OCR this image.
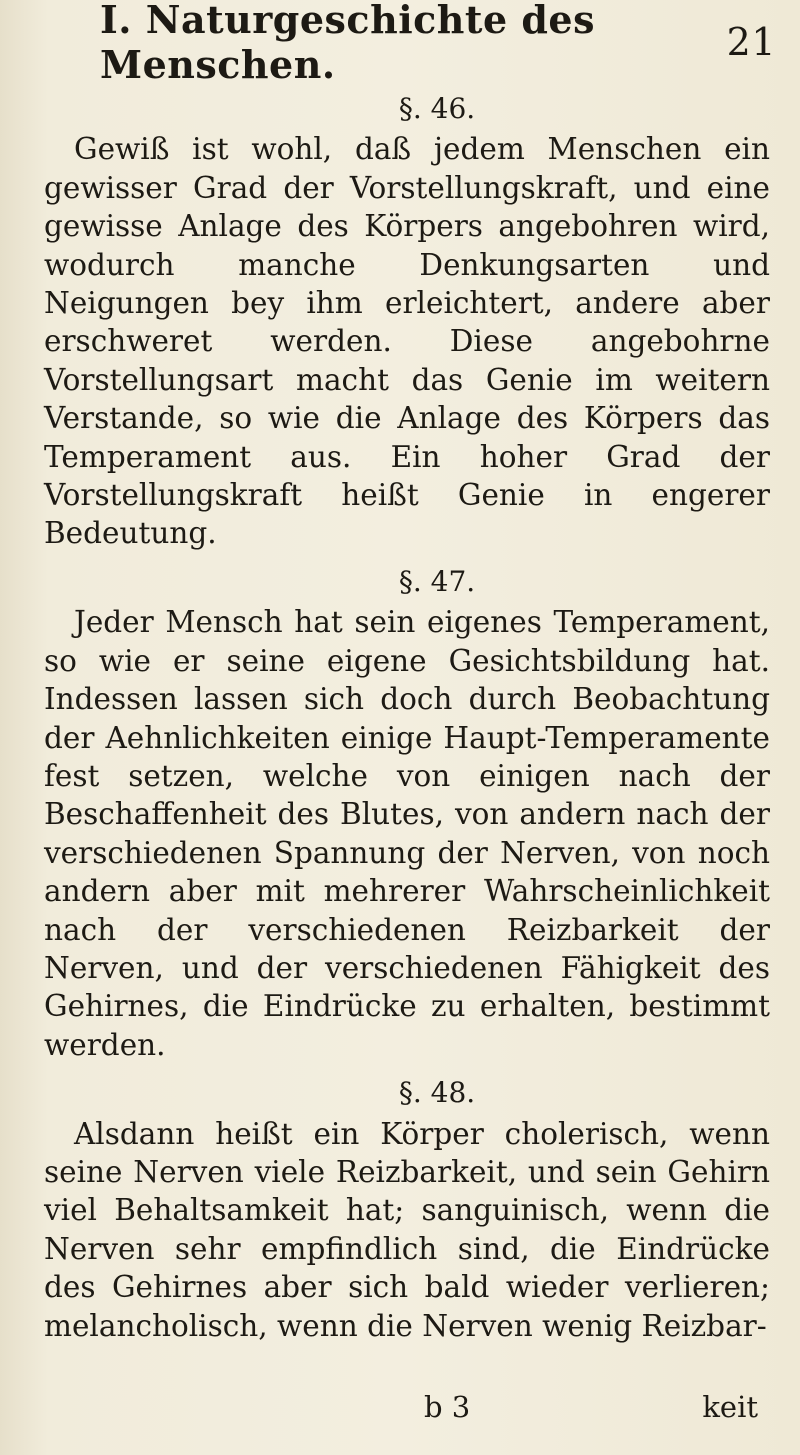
I. Naturgeschichte des Menschen.	21
§. 46.

Gewiß ist wohl, daß jedem Menschen ein gewisser Grad der Vorstellungskraft, und eine gewisse Anlage des Körpers angebohren wird, wodurch manche Denkungsarten und Neigungen bey ihm erleichtert, andere aber erschweret werden. Diese angebohrne Vorstellungsart macht das Genie im weitern Verstande, so wie die Anlage des Körpers das Temperament aus. Ein hoher Grad der Vorstellungskraft heißt Genie in engerer Bedeutung.

§. 47.

Jeder Mensch hat sein eigenes Temperament, so wie er seine eigene Gesichtsbildung hat. Indessen lassen sich doch durch Beobachtung der Aehnlichkeiten einige Haupt-Temperamente fest setzen, welche von einigen nach der Beschaffenheit des Blutes, von andern nach der verschiedenen Spannung der Nerven, von noch andern aber mit mehrerer Wahrscheinlichkeit nach der verschiedenen Reizbarkeit der Nerven, und der verschiedenen Fähigkeit des Gehirnes, die Eindrücke zu erhalten, bestimmt werden.

§. 48.

Alsdann heißt ein Körper cholerisch, wenn seine Nerven viele Reizbarkeit, und sein Gehirn viel Behaltsamkeit hat; sanguinisch, wenn die Nerven sehr empfindlich sind, die Eindrücke des Gehirnes aber sich bald wieder verlieren; melancholisch, wenn die Nerven wenig Reizbar-

b 3	keit
